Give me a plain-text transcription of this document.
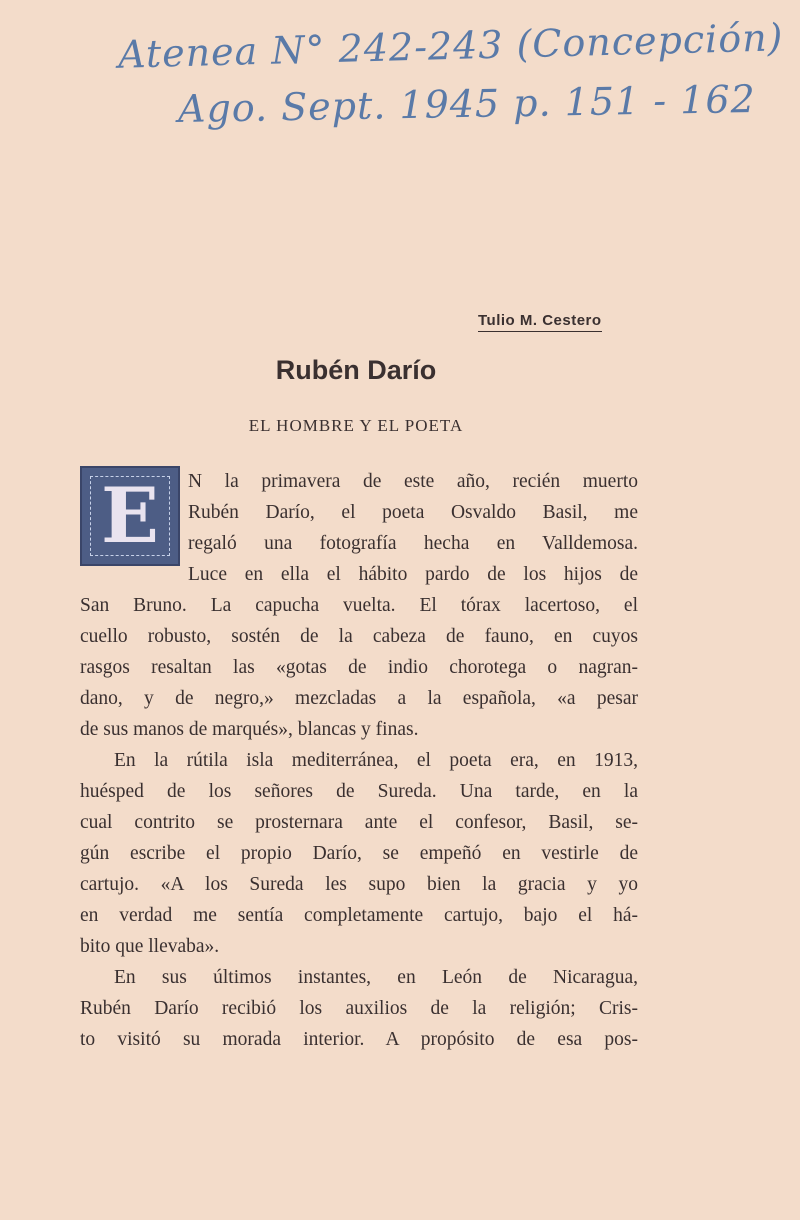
Atenea N° 242-243 (Concepción)
Ago. Sept. 1945 p. 151 - 162
Tulio M. Cestero
Rubén Darío
EL HOMBRE Y EL POETA
E N la primavera de este año, recién muerto
Rubén Darío, el poeta Osvaldo Basil, me
regaló una fotografía hecha en Valldemosa.
Luce en ella el hábito pardo de los hijos de
San Bruno. La capucha vuelta. El tórax lacertoso, el
cuello robusto, sostén de la cabeza de fauno, en cuyos
rasgos resaltan las «gotas de indio chorotega o nagran-
dano, y de negro,» mezcladas a la española, «a pesar
de sus manos de marqués», blancas y finas.
En la rútila isla mediterránea, el poeta era, en 1913,
huésped de los señores de Sureda. Una tarde, en la
cual contrito se prosternara ante el confesor, Basil, se-
gún escribe el propio Darío, se empeñó en vestirle de
cartujo. «A los Sureda les supo bien la gracia y yo
en verdad me sentía completamente cartujo, bajo el há-
bito que llevaba».
En sus últimos instantes, en León de Nicaragua,
Rubén Darío recibió los auxilios de la religión; Cris-
to visitó su morada interior. A propósito de esa pos-
